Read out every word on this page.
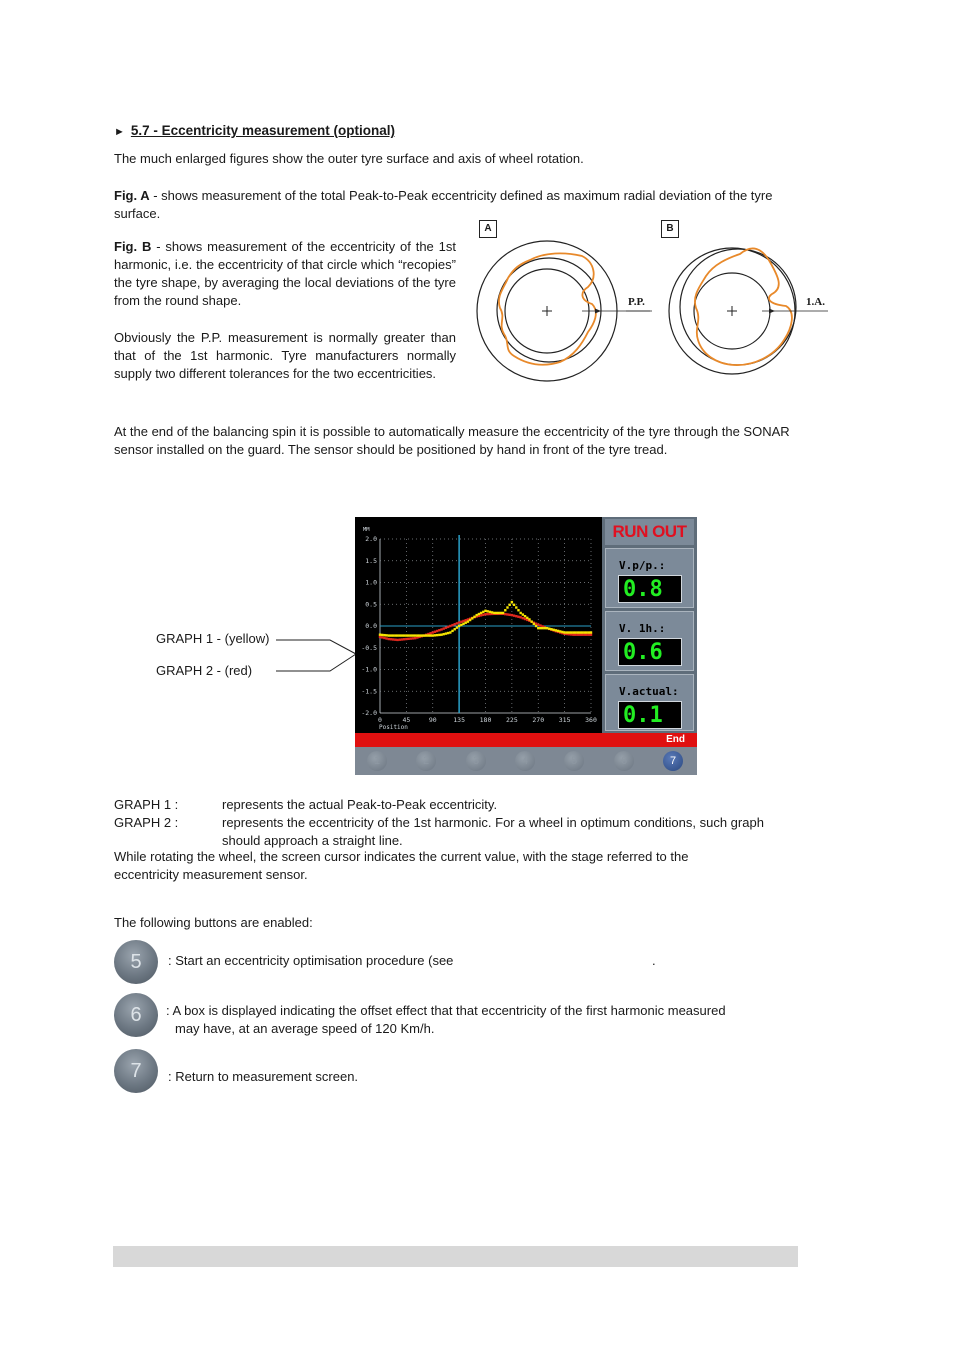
► 5.7 - Eccentricity measurement (optional)
The much enlarged figures show the outer tyre surface and axis of wheel rotation.
Fig. A - shows measurement of the total Peak-to-Peak eccentricity defined as maximum radial deviation of the tyre surface.
Fig. B - shows measurement of the eccentricity of the 1st harmonic, i.e. the eccentricity of that circle which “recopies” the tyre shape, by averaging the local deviations of the tyre from the round shape.
Obviously the P.P. measurement is normally greater than that of the 1st harmonic. Tyre manufacturers normally supply two different tolerances for the two eccentricities.
A	B
P.P.	1.A.
At the end of the balancing spin it is possible to automatically measure the eccentricity of the tyre through the SONAR sensor installed on the guard. The sensor should be positioned by hand in front of the tyre tread.
GRAPH 1 - (yellow)
GRAPH 2 - (red)
2.0
1.5
1.0
0.5
0.0
-0.5
-1.0
-1.5
-2.0
0	45	90	135 180 225 270 315 360
MM
Position
RUN OUT
V.p/p.:
0.8
V. 1h.:
0.6
V.actual:
0.1
End
1	2	3	4	5	6	7
GRAPH 1 :	represents the actual Peak-to-Peak eccentricity.
GRAPH 2 :	represents the eccentricity of the 1st harmonic. For a wheel in optimum conditions, such graph should approach a straight line.
While rotating the wheel, the screen cursor indicates the current value, with the stage referred to the eccentricity measurement sensor.
The following buttons are enabled:
5	: Start an eccentricity optimisation procedure (see	.
6	: A box is displayed indicating the offset effect that that eccentricity of the first harmonic measured
may have, at an average speed of 120 Km/h.
7	: Return to measurement screen.
